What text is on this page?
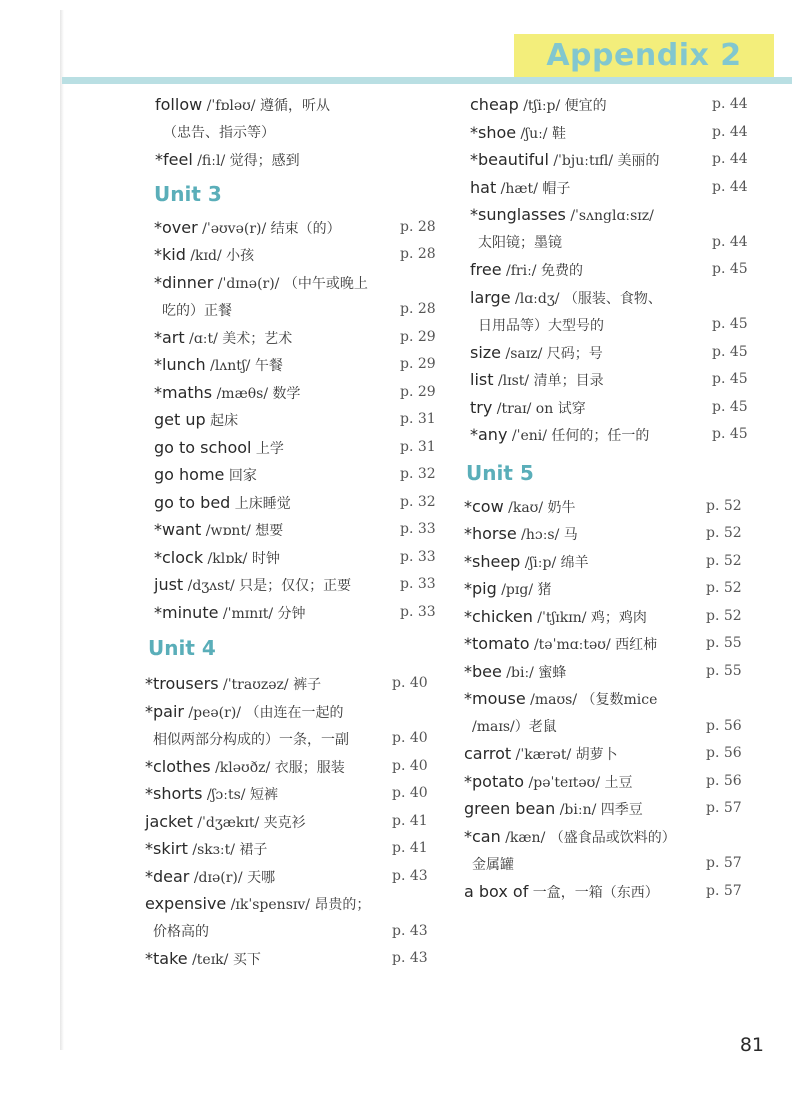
Appendix 2
follow /ˈfɒləʊ/ 遵循，听从
（忠告、指示等）
*feel /fiːl/ 觉得；感到
Unit 3
*over /ˈəʊvə(r)/ 结束（的）	p. 28
*kid /kɪd/ 小孩	p. 28
*dinner /ˈdɪnə(r)/ （中午或晚上
吃的）正餐	p. 28
*art /ɑːt/ 美术；艺术	p. 29
*lunch /lʌntʃ/ 午餐	p. 29
*maths /mæθs/ 数学	p. 29
get up 起床	p. 31
go to school 上学	p. 31
go home 回家	p. 32
go to bed 上床睡觉	p. 32
*want /wɒnt/ 想要	p. 33
*clock /klɒk/ 时钟	p. 33
just /dʒʌst/ 只是；仅仅；正要	p. 33
*minute /ˈmɪnɪt/ 分钟	p. 33
Unit 4
*trousers /ˈtraʊzəz/ 裤子	p. 40
*pair /peə(r)/ （由连在一起的
相似两部分构成的）一条，一副	p. 40
*clothes /kləʊðz/ 衣服；服装	p. 40
*shorts /ʃɔːts/ 短裤	p. 40
jacket /ˈdʒækɪt/ 夹克衫	p. 41
*skirt /skɜːt/ 裙子	p. 41
*dear /dɪə(r)/ 天哪	p. 43
expensive /ɪkˈspensɪv/ 昂贵的；
价格高的	p. 43
*take /teɪk/ 买下	p. 43
cheap /tʃiːp/ 便宜的	p. 44
*shoe /ʃuː/ 鞋	p. 44
*beautiful /ˈbjuːtɪfl/ 美丽的	p. 44
hat /hæt/ 帽子	p. 44
*sunglasses /ˈsʌnglɑːsɪz/
太阳镜；墨镜	p. 44
free /friː/ 免费的	p. 45
large /lɑːdʒ/ （服装、食物、
日用品等）大型号的	p. 45
size /saɪz/ 尺码；号	p. 45
list /lɪst/ 清单；目录	p. 45
try /traɪ/ on 试穿	p. 45
*any /ˈeni/ 任何的；任一的	p. 45
Unit 5
*cow /kaʊ/ 奶牛	p. 52
*horse /hɔːs/ 马	p. 52
*sheep /ʃiːp/ 绵羊	p. 52
*pig /pɪg/ 猪	p. 52
*chicken /ˈtʃɪkɪn/ 鸡；鸡肉	p. 52
*tomato /təˈmɑːtəʊ/ 西红柿	p. 55
*bee /biː/ 蜜蜂	p. 55
*mouse /maʊs/ （复数mice
/maɪs/）老鼠	p. 56
carrot /ˈkærət/ 胡萝卜	p. 56
*potato /pəˈteɪtəʊ/ 土豆	p. 56
green bean /biːn/ 四季豆	p. 57
*can /kæn/ （盛食品或饮料的）
金属罐	p. 57
a box of 一盒，一箱（东西）	p. 57
81
